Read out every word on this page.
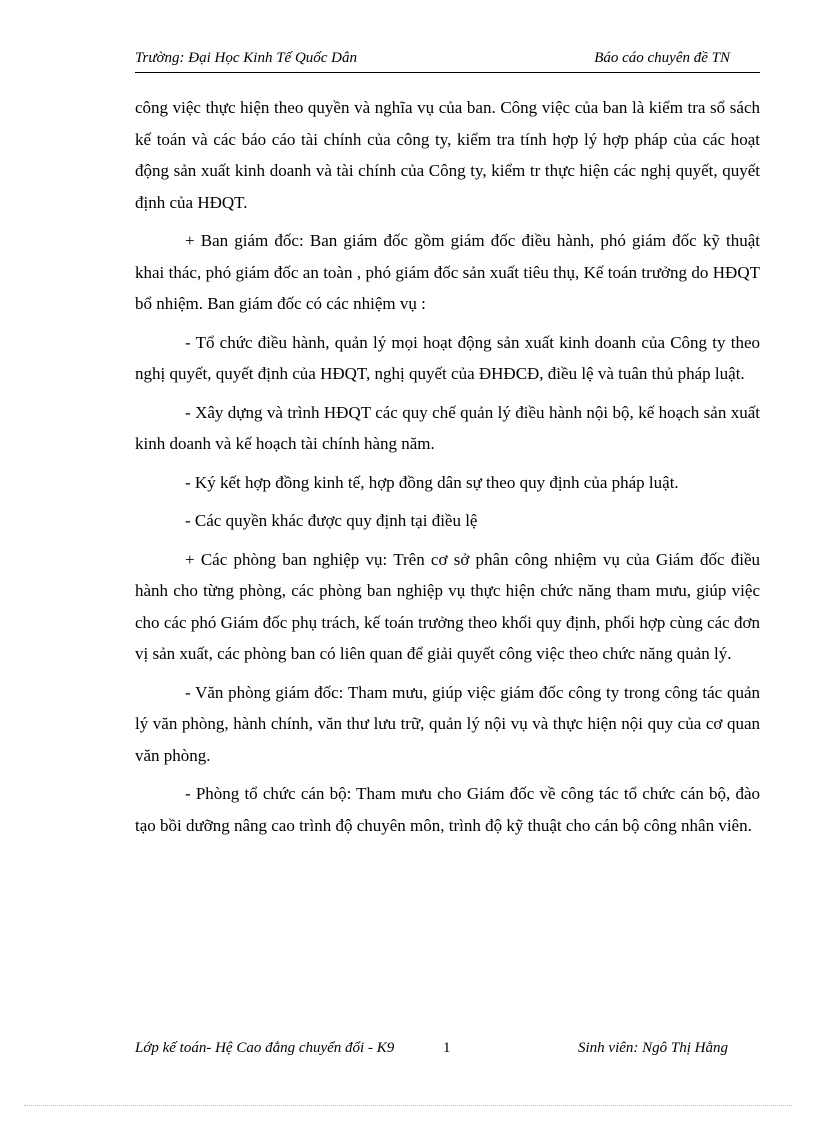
Trường: Đại Học Kinh Tế Quốc Dân	Báo cáo chuyên đề TN

công việc thực hiện theo quyền và nghĩa vụ của ban. Công việc của ban là kiểm tra sổ sách kế toán và các báo cáo tài chính của công ty, kiểm tra tính hợp lý hợp pháp của các hoạt động sản xuất kinh doanh và tài chính của Công ty, kiểm tr thực hiện các nghị quyết, quyết định của HĐQT.

+ Ban giám đốc: Ban giám đốc gồm giám đốc điều hành, phó giám đốc kỹ thuật khai thác, phó giám đốc an toàn , phó giám đốc sản xuất tiêu thụ, Kế toán trưởng do HĐQT bổ nhiệm. Ban giám đốc có các nhiệm vụ :

- Tổ chức điều hành, quản lý mọi hoạt động sản xuất kinh doanh của Công ty theo nghị quyết, quyết định của HĐQT, nghị quyết của ĐHĐCĐ, điều lệ và tuân thủ pháp luật.

- Xây dựng và trình HĐQT các quy chế quản lý điều hành nội bộ, kế hoạch sản xuất kinh doanh và kế hoạch tài chính hàng năm.

- Ký kết hợp đồng kinh tế, hợp đồng dân sự theo quy định của pháp luật.

- Các quyền khác được quy định tại điều lệ

+ Các phòng ban nghiệp vụ: Trên cơ sở phân công nhiệm vụ của Giám đốc điều hành cho từng phòng, các phòng ban nghiệp vụ thực hiện chức năng tham mưu, giúp việc cho các phó Giám đốc phụ trách, kế toán trưởng theo khối quy định, phối hợp cùng các đơn vị sản xuất, các phòng ban có liên quan để giải quyết công việc theo chức năng quản lý.

- Văn phòng giám đốc: Tham mưu, giúp việc giám đốc công ty trong công tác quản lý văn phòng, hành chính, văn thư lưu trữ, quản lý nội vụ và thực hiện nội quy của cơ quan văn phòng.

- Phòng tổ chức cán bộ: Tham mưu cho Giám đốc về công tác tổ chức cán bộ, đào tạo bồi dưỡng nâng cao trình độ chuyên môn, trình độ kỹ thuật cho cán bộ công nhân viên.

Lớp kế toán- Hệ Cao đẳng chuyển đổi - K9	1	Sinh viên: Ngô Thị Hằng
